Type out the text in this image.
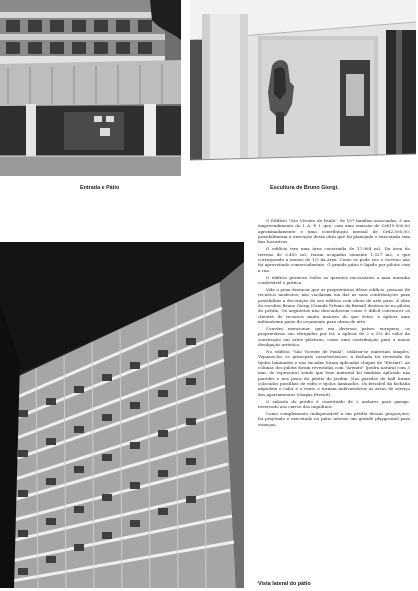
Entrada e Pátio	Escultura de Bruno Giorgi.
Vista lateral do pátio

O Edifício "São Vicente de Paula", de 107 famílias associadas, é um empreendimento do I. A. P. I. que, com uma emissão de Cr$19.000,00 aproximadamente e uma contribuição mensal de Cr$2.500,00, possibilitaram a execução desta obra que foi planejada e executada sem fins lucrativos.

O edifício tem uma área construída de 17.064 m2. Da área do terreno de 3.405 m2, foram ocupados sòmente 1.027 m2, o que corresponde a menos de 1/3 da área. Como se pode ver, o terreno não foi aproveitado comercialmente. O grande pátio é ligado por pilotis com a rua.

O edifício promove todos os quesitos necessários a uma moradia confortável e prática.

Vale a pena destacar que os proprietários dêsse edifício, pessoas de recursos modestos, não vacilaram em dar as suas contribuições para possibilitar a decoração do seu edifício com obras de arte pura. A obra do escultor Bruno Giorgi (Grande Prêmio da Bienal) destaca-se no pilotis do prédio. Os arquitetos não desconhecem como é difícil convencer os clientes de recursos muito maiores do que êstes, a aplicar uma milionésima parte do orçamento para obras de arte.

Convém mencionar que em diversos países europeus, os proprietários são obrigados por lei, a aplicar de 2 a 5% do valor da construção em artes plásticas, como uma contribuição para a maior divulgação artística.

No edifício "São Vicente de Paula", utilizou-se materiais simples. Vejamos-los os principais característicos: a fachada foi revestida de tijolos laminados e nas sacadas foram aplicadas chapas de "Eternit". As colunas dos pilotis foram revestidas com "Arenito" (pedra natural com 3 mm. de espessura) sendo que êsse material foi também aplicado nas paredes e nos pisos do pilotis do jardim. Nas paredes do hall foram colocados pastilhas de vidro e tijolos laminados. Os brisoleil da fachada impedem o calor e o vento e tornam indevassáveis as áreas de serviço dos apartamentos (chapas Eternit).

O subsolo do prédio é constituído de 2 andares para garage, reservado aos carros dos inquilinos.

Como complemento indispensável a um prédio dessas proporções, foi projetado e executado no pátio interno um grande playground para crianças.
